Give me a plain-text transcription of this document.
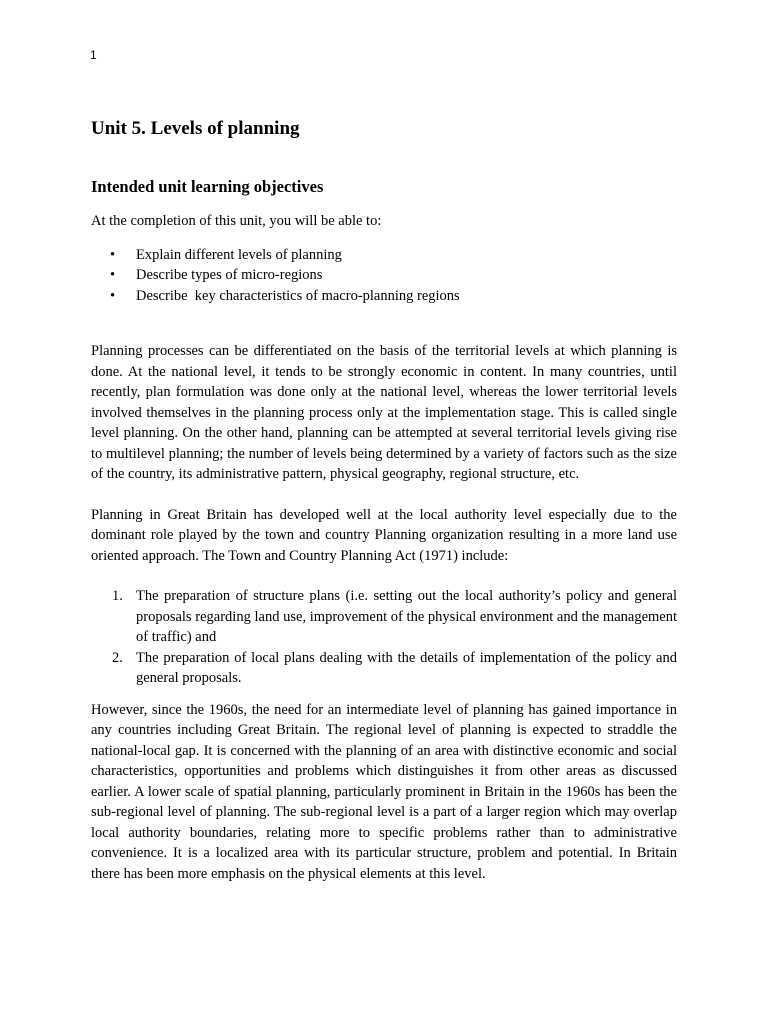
1
Unit 5. Levels of planning
Intended unit learning objectives

At the completion of this unit, you will be able to:

• Explain different levels of planning
• Describe types of micro-regions
• Describe  key characteristics of macro-planning regions

Planning processes can be differentiated on the basis of the territorial levels at which planning is done. At the national level, it tends to be strongly economic in content. In many countries, until recently, plan formulation was done only at the national level, whereas the lower territorial levels involved themselves in the planning process only at the implementation stage. This is called single level planning. On the other hand, planning can be attempted at several territorial levels giving rise to multilevel planning; the number of levels being determined by a variety of factors such as the size of the country, its administrative pattern, physical geography, regional structure, etc.

Planning in Great Britain has developed well at the local authority level especially due to the dominant role played by the town and country Planning organization resulting in a more land use oriented approach. The Town and Country Planning Act (1971) include:

1. The preparation of structure plans (i.e. setting out the local authority’s policy and general proposals regarding land use, improvement of the physical environment and the management of traffic) and
2. The preparation of local plans dealing with the details of implementation of the policy and general proposals.

However, since the 1960s, the need for an intermediate level of planning has gained importance in any countries including Great Britain. The regional level of planning is expected to straddle the national-local gap. It is concerned with the planning of an area with distinctive economic and social characteristics, opportunities and problems which distinguishes it from other areas as discussed earlier. A lower scale of spatial planning, particularly prominent in Britain in the 1960s has been the sub-regional level of planning. The sub-regional level is a part of a larger region which may overlap local authority boundaries, relating more to specific problems rather than to administrative convenience. It is a localized area with its particular structure, problem and potential. In Britain there has been more emphasis on the physical elements at this level.
